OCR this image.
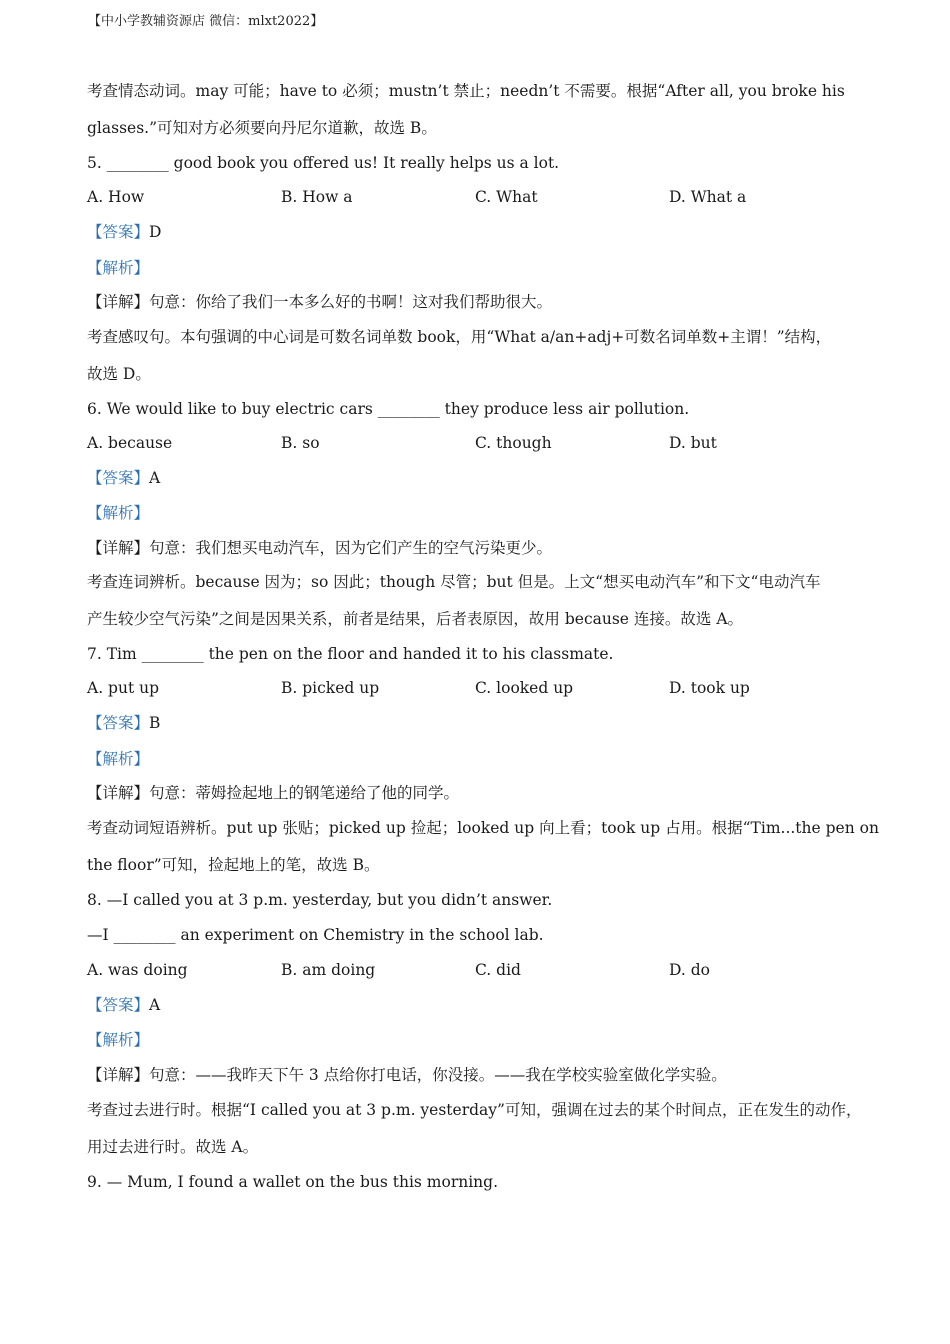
【中小学教辅资源店 微信：mlxt2022】
考查情态动词。may 可能；have to 必须；mustn’t 禁止；needn’t 不需要。根据“After all, you broke his
glasses.”可知对方必须要向丹尼尔道歉，故选 B。
5. ________ good book you offered us! It really helps us a lot.
A. How	B. How a	C. What	D. What a
【答案】D
【解析】
【详解】句意：你给了我们一本多么好的书啊！这对我们帮助很大。
考查感叹句。本句强调的中心词是可数名词单数 book，用“What a/an+adj+可数名词单数+主谓！”结构，
故选 D。
6. We would like to buy electric cars ________ they produce less air pollution.
A. because	B. so	C. though	D. but
【答案】A
【解析】
【详解】句意：我们想买电动汽车，因为它们产生的空气污染更少。
考查连词辨析。because 因为；so 因此；though 尽管；but 但是。上文“想买电动汽车”和下文“电动汽车
产生较少空气污染”之间是因果关系，前者是结果，后者表原因，故用 because 连接。故选 A。
7. Tim ________ the pen on the floor and handed it to his classmate.
A. put up	B. picked up	C. looked up	D. took up
【答案】B
【解析】
【详解】句意：蒂姆捡起地上的钢笔递给了他的同学。
考查动词短语辨析。put up 张贴；picked up 捡起；looked up 向上看；took up 占用。根据“Tim...the pen on
the floor”可知，捡起地上的笔，故选 B。
8. —I called you at 3 p.m. yesterday, but you didn’t answer.
—I ________ an experiment on Chemistry in the school lab.
A. was doing	B. am doing	C. did	D. do
【答案】A
【解析】
【详解】句意：——我昨天下午 3 点给你打电话，你没接。——我在学校实验室做化学实验。
考查过去进行时。根据“I called you at 3 p.m. yesterday”可知，强调在过去的某个时间点，正在发生的动作，
用过去进行时。故选 A。
9. — Mum, I found a wallet on the bus this morning.
